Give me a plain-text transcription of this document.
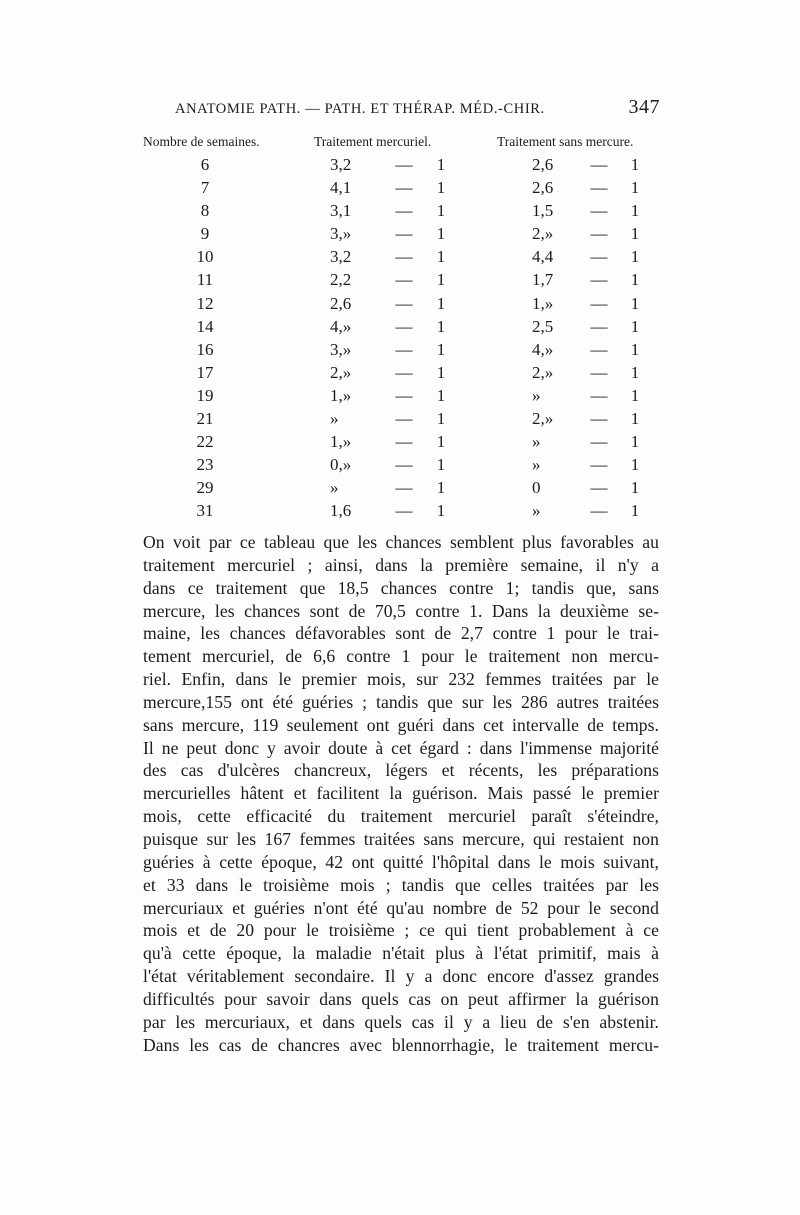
ANATOMIE PATH. — PATH. ET THÉRAP. MÉD.-CHIR.	347
Nombre de semaines.	Traitement mercuriel.	Traitement sans mercure.
6	3,2	— 1	2,6	— 1
7	4,1	— 1	2,6	— 1
8	3,1	— 1	1,5	— 1
9	3,»	— 1	2,»	— 1
10	3,2	— 1	4,4	— 1
11	2,2	— 1	1,7	— 1
12	2,6	— 1	1,»	— 1
14	4,»	— 1	2,5	— 1
16	3,»	— 1	4,»	— 1
17	2,»	— 1	2,»	— 1
19	1,»	— 1	»	— 1
21	»	— 1	2,»	— 1
22	1,»	— 1	»	— 1
23	0,»	— 1	»	— 1
29	»	— 1	0	— 1
31	1,6	— 1	»	— 1
On voit par ce tableau que les chances semblent plus favorables au
traitement mercuriel ; ainsi, dans la première semaine, il n'y a
dans ce traitement que 18,5 chances contre 1; tandis que, sans
mercure, les chances sont de 70,5 contre 1. Dans la deuxième se-
maine, les chances défavorables sont de 2,7 contre 1 pour le trai-
tement mercuriel, de 6,6 contre 1 pour le traitement non mercu-
riel. Enfin, dans le premier mois, sur 232 femmes traitées par le
mercure,155 ont été guéries ; tandis que sur les 286 autres traitées
sans mercure, 119 seulement ont guéri dans cet intervalle de temps.
Il ne peut donc y avoir doute à cet égard : dans l'immense majorité
des cas d'ulcères chancreux, légers et récents, les préparations
mercurielles hâtent et facilitent la guérison. Mais passé le premier
mois, cette efficacité du traitement mercuriel paraît s'éteindre,
puisque sur les 167 femmes traitées sans mercure, qui restaient non
guéries à cette époque, 42 ont quitté l'hôpital dans le mois suivant,
et 33 dans le troisième mois ; tandis que celles traitées par les
mercuriaux et guéries n'ont été qu'au nombre de 52 pour le second
mois et de 20 pour le troisième ; ce qui tient probablement à ce
qu'à cette époque, la maladie n'était plus à l'état primitif, mais à
l'état véritablement secondaire. Il y a donc encore d'assez grandes
difficultés pour savoir dans quels cas on peut affirmer la guérison
par les mercuriaux, et dans quels cas il y a lieu de s'en abstenir.
Dans les cas de chancres avec blennorrhagie, le traitement mercu-
